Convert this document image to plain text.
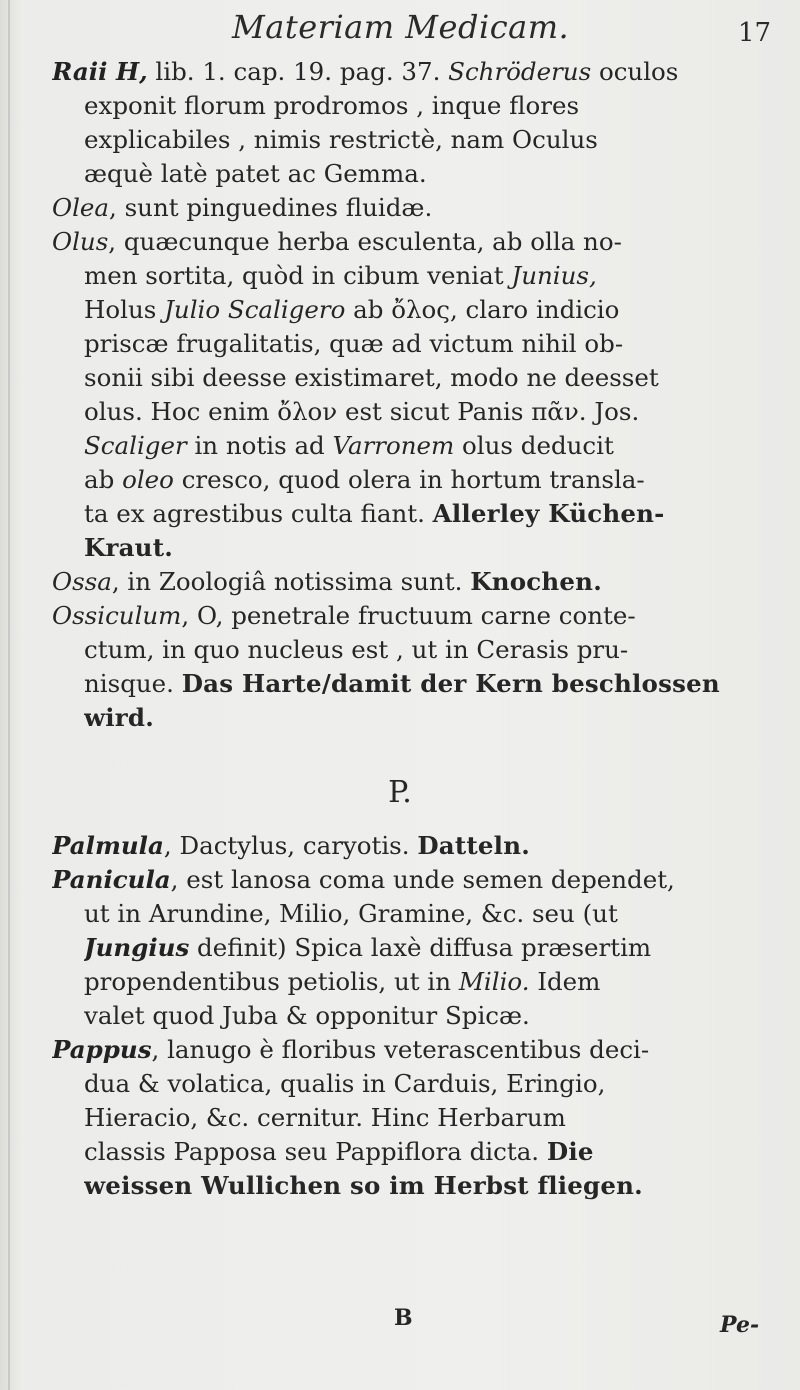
Materiam Medicam.	17
Raii H, lib. 1. cap. 19. pag. 37. Schröderus oculos
exponit florum prodromos , inque flores
explicabiles , nimis restrictè, nam Oculus
æquè latè patet ac Gemma.
Olea, sunt pinguedines fluidæ.
Olus, quæcunque herba esculenta, ab olla no-
men sortita, quòd in cibum veniat Junius,
Holus Julio Scaligero ab ὄλος, claro indicio
priscæ frugalitatis, quæ ad victum nihil ob-
sonii sibi deesse existimaret, modo ne deesset
olus. Hoc enim ὄλον est sicut Panis πᾶν. Jos.
Scaliger in notis ad Varronem olus deducit
ab oleo cresco, quod olera in hortum transla-
ta ex agrestibus culta fiant. Allerley Küchen-
Kraut.
Ossa, in Zoologiâ notissima sunt. Knochen.
Ossiculum, O, penetrale fructuum carne conte-
ctum, in quo nucleus est , ut in Cerasis pru-
nisque. Das Harte/damit der Kern beschlossen
wird.
P.
Palmula, Dactylus, caryotis. Datteln.
Panicula, est lanosa coma unde semen dependet,
ut in Arundine, Milio, Gramine, &c. seu (ut
Jungius definit) Spica laxè diffusa præsertim
propendentibus petiolis, ut in Milio. Idem
valet quod Juba & opponitur Spicæ.
Pappus, lanugo è floribus veterascentibus deci-
dua & volatica, qualis in Carduis, Eringio,
Hieracio, &c. cernitur. Hinc Herbarum
classis Papposa seu Pappiflora dicta. Die
weissen Wullichen so im Herbst fliegen.
B	Pe-
